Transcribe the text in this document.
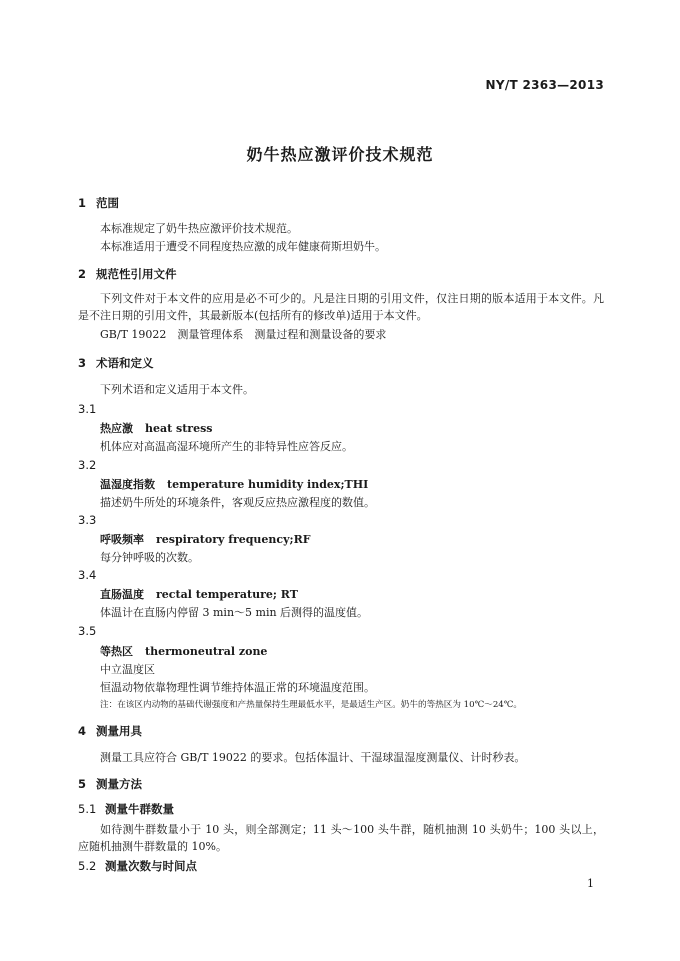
NY/T 2363—2013
奶牛热应激评价技术规范
1 范围
本标准规定了奶牛热应激评价技术规范。
本标准适用于遭受不同程度热应激的成年健康荷斯坦奶牛。
2 规范性引用文件
下列文件对于本文件的应用是必不可少的。凡是注日期的引用文件，仅注日期的版本适用于本文件。凡是不注日期的引用文件，其最新版本(包括所有的修改单)适用于本文件。
GB/T 19022　测量管理体系　测量过程和测量设备的要求
3 术语和定义
下列术语和定义适用于本文件。
3.1
热应激 heat stress
机体应对高温高湿环境所产生的非特异性应答反应。
3.2
温湿度指数 temperature humidity index;THI
描述奶牛所处的环境条件，客观反应热应激程度的数值。
3.3
呼吸频率 respiratory frequency;RF
每分钟呼吸的次数。
3.4
直肠温度 rectal temperature; RT
体温计在直肠内停留 3 min～5 min 后测得的温度值。
3.5
等热区 thermoneutral zone
中立温度区
恒温动物依靠物理性调节维持体温正常的环境温度范围。
注：在该区内动物的基础代谢强度和产热量保持生理最低水平，是最适生产区。奶牛的等热区为 10℃～24℃。
4 测量用具
测量工具应符合 GB/T 19022 的要求。包括体温计、干湿球温湿度测量仪、计时秒表。
5 测量方法
5.1 测量牛群数量
如待测牛群数量小于 10 头，则全部测定；11 头～100 头牛群，随机抽测 10 头奶牛；100 头以上，应随机抽测牛群数量的 10%。
5.2 测量次数与时间点
1
